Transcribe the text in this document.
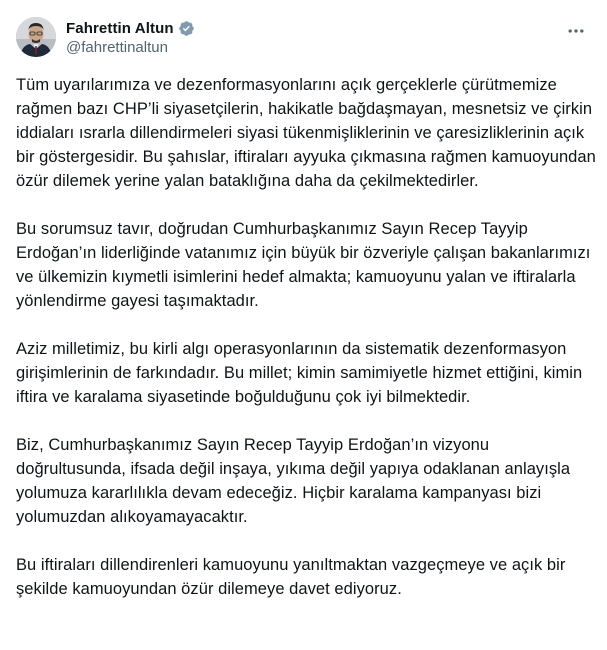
Fahrettin Altun
@fahrettinaltun

Tüm uyarılarımıza ve dezenformasyonlarını açık gerçeklerle çürütmemize rağmen bazı CHP’li siyasetçilerin, hakikatle bağdaşmayan, mesnetsiz ve çirkin iddiaları ısrarla dillendirmeleri siyasi tükenmişliklerinin ve çaresizliklerinin açık bir göstergesidir. Bu şahıslar, iftiraları ayyuka çıkmasına rağmen kamuoyundan özür dilemek yerine yalan bataklığına daha da çekilmektedirler.

Bu sorumsuz tavır, doğrudan Cumhurbaşkanımız Sayın Recep Tayyip Erdoğan’ın liderliğinde vatanımız için büyük bir özveriyle çalışan bakanlarımızı ve ülkemizin kıymetli isimlerini hedef almakta; kamuoyunu yalan ve iftiralarla yönlendirme gayesi taşımaktadır.

Aziz milletimiz, bu kirli algı operasyonlarının da sistematik dezenformasyon girişimlerinin de farkındadır. Bu millet; kimin samimiyetle hizmet ettiğini, kimin iftira ve karalama siyasetinde boğulduğunu çok iyi bilmektedir.

Biz, Cumhurbaşkanımız Sayın Recep Tayyip Erdoğan’ın vizyonu doğrultusunda, ifsada değil inşaya, yıkıma değil yapıya odaklanan anlayışla yolumuza kararlılıkla devam edeceğiz. Hiçbir karalama kampanyası bizi yolumuzdan alıkoyamayacaktır.

Bu iftiraları dillendirenleri kamuoyunu yanıltmaktan vazgeçmeye ve açık bir şekilde kamuoyundan özür dilemeye davet ediyoruz.
